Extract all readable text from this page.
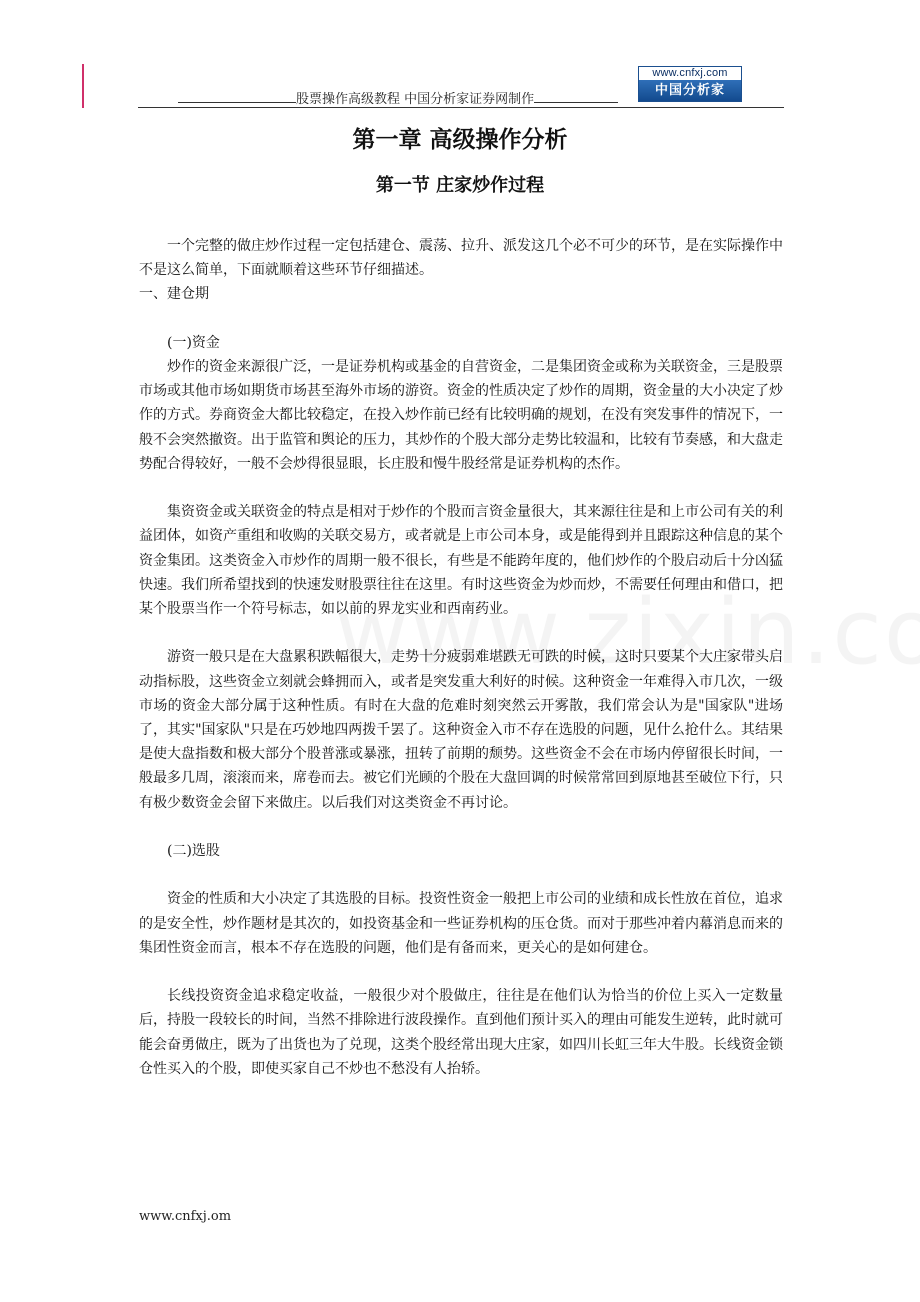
股票操作高级教程 中国分析家证券网制作
www.cnfxj.com
中国分析家
第一章 高级操作分析
第一节 庄家炒作过程

一个完整的做庄炒作过程一定包括建仓、震荡、拉升、派发这几个必不可少的环节，是在实际操作中不是这么简单，下面就顺着这些环节仔细描述。

一、建仓期

(一)资金

炒作的资金来源很广泛，一是证券机构或基金的自营资金，二是集团资金或称为关联资金，三是股票市场或其他市场如期货市场甚至海外市场的游资。资金的性质决定了炒作的周期，资金量的大小决定了炒作的方式。券商资金大都比较稳定，在投入炒作前已经有比较明确的规划，在没有突发事件的情况下，一般不会突然撤资。出于监管和舆论的压力，其炒作的个股大部分走势比较温和，比较有节奏感，和大盘走势配合得较好，一般不会炒得很显眼，长庄股和慢牛股经常是证券机构的杰作。

集资资金或关联资金的特点是相对于炒作的个股而言资金量很大，其来源往往是和上市公司有关的利益团体，如资产重组和收购的关联交易方，或者就是上市公司本身，或是能得到并且跟踪这种信息的某个资金集团。这类资金入市炒作的周期一般不很长，有些是不能跨年度的，他们炒作的个股启动后十分凶猛快速。我们所希望找到的快速发财股票往往在这里。有时这些资金为炒而炒，不需要任何理由和借口，把某个股票当作一个符号标志，如以前的界龙实业和西南药业。

游资一般只是在大盘累积跌幅很大，走势十分疲弱难堪跌无可跌的时候，这时只要某个大庄家带头启动指标股，这些资金立刻就会蜂拥而入，或者是突发重大利好的时候。这种资金一年难得入市几次，一级市场的资金大部分属于这种性质。有时在大盘的危难时刻突然云开雾散，我们常会认为是"国家队"进场了，其实"国家队"只是在巧妙地四两拨千罢了。这种资金入市不存在选股的问题，见什么抢什么。其结果是使大盘指数和极大部分个股普涨或暴涨，扭转了前期的颓势。这些资金不会在市场内停留很长时间，一般最多几周，滚滚而来，席卷而去。被它们光顾的个股在大盘回调的时候常常回到原地甚至破位下行，只有极少数资金会留下来做庄。以后我们对这类资金不再讨论。

(二)选股

资金的性质和大小决定了其选股的目标。投资性资金一般把上市公司的业绩和成长性放在首位，追求的是安全性，炒作题材是其次的，如投资基金和一些证券机构的压仓货。而对于那些冲着内幕消息而来的集团性资金而言，根本不存在选股的问题，他们是有备而来，更关心的是如何建仓。

长线投资资金追求稳定收益，一般很少对个股做庄，往往是在他们认为恰当的价位上买入一定数量后，持股一段较长的时间，当然不排除进行波段操作。直到他们预计买入的理由可能发生逆转，此时就可能会奋勇做庄，既为了出货也为了兑现，这类个股经常出现大庄家，如四川长虹三年大牛股。长线资金锁仓性买入的个股，即使买家自己不炒也不愁没有人抬轿。

www.cnfxj.om
